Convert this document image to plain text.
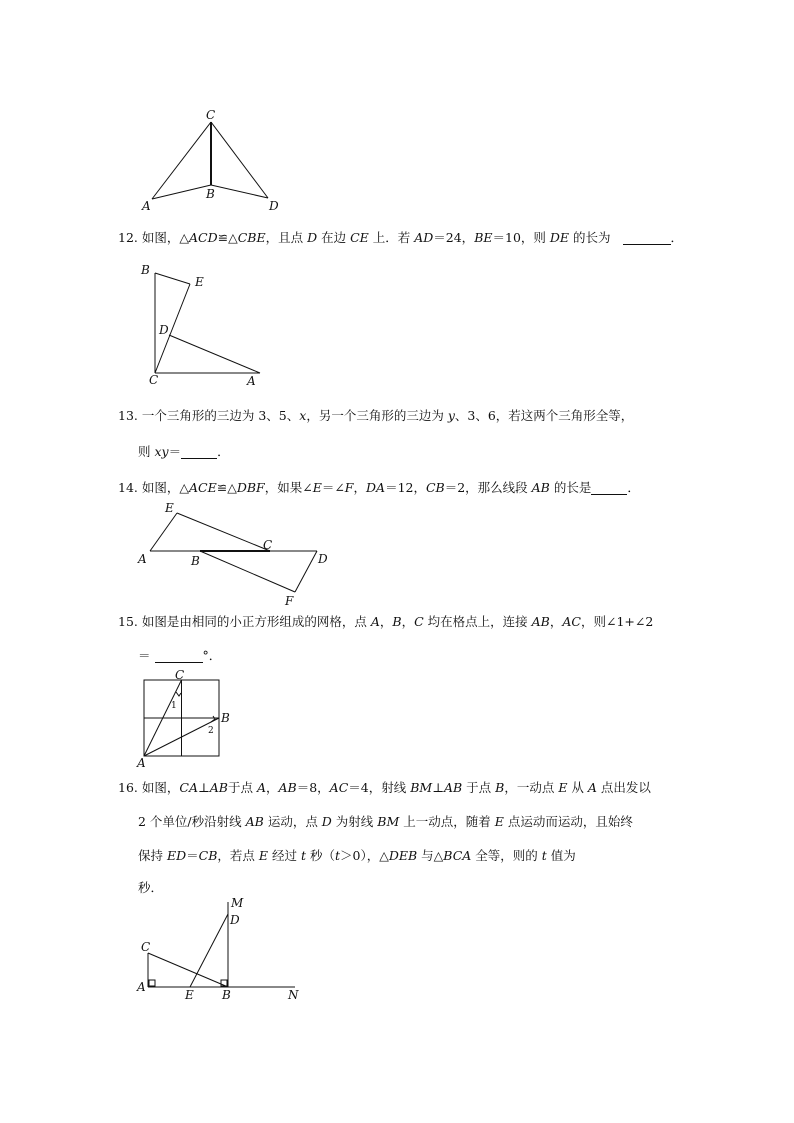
C
B
A	D
12. 如图，△ACD≌△CBE，且点 D 在边 CE 上．若 AD＝24，BE＝10，则 DE 的长为	．
B
E
D
C	A
13. 一个三角形的三边为 3、5、x，另一个三角形的三边为 y、3、6，若这两个三角形全等，
则 xy＝	．
14. 如图，△ACE≌△DBF，如果∠E＝∠F，DA＝12，CB＝2，那么线段 AB 的长是	．
E
C
A	B	D
F
15. 如图是由相同的小正方形组成的网格，点 A，B，C 均在格点上，连接 AB，AC，则∠1+∠2
＝	°．
C
B
A
1
2
16. 如图，CA⊥AB于点 A，AB＝8，AC＝4，射线 BM⊥AB 于点 B，一动点 E 从 A 点出发以
2 个单位/秒沿射线 AB 运动，点 D 为射线 BM 上一动点，随着 E 点运动而运动，且始终
保持 ED＝CB，若点 E 经过 t 秒（t＞0），△DEB 与△BCA 全等，则的 t 值为
秒．
M
D
C
A
E B	N
